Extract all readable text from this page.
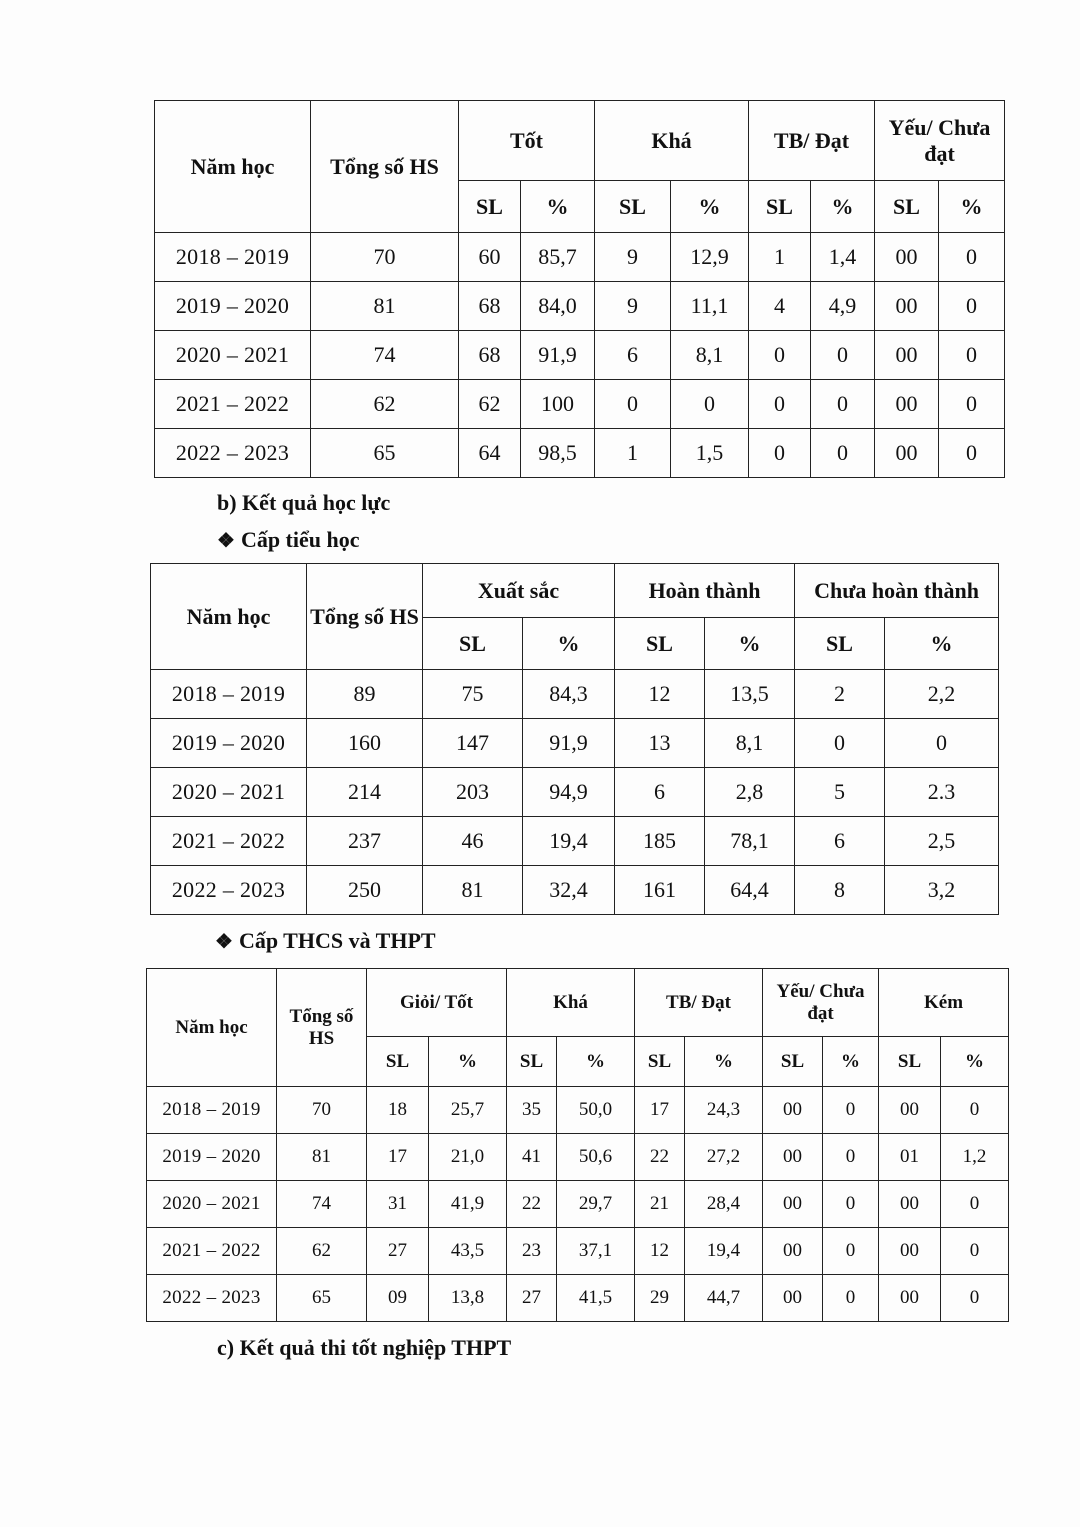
Năm học	Tổng số HS	Tốt		Khá		TB/ Đạt		Yếu/ Chưa đạt	
		SL	%	SL	%	SL	%	SL	%
2018 – 2019	70	60	85,7	9	12,9	1	1,4	00	0
2019 – 2020	81	68	84,0	9	11,1	4	4,9	00	0
2020 – 2021	74	68	91,9	6	8,1	0	0	00	0
2021 – 2022	62	62	100	0	0	0	0	00	0
2022 – 2023	65	64	98,5	1	1,5	0	0	00	0
b) Kết quả học lực
❖ Cấp tiểu học
Năm học	Tổng số HS	Xuất sắc		Hoàn thành		Chưa hoàn thành	
		SL	%	SL	%	SL	%
2018 – 2019	89	75	84,3	12	13,5	2	2,2
2019 – 2020	160	147	91,9	13	8,1	0	0
2020 – 2021	214	203	94,9	6	2,8	5	2.3
2021 – 2022	237	46	19,4	185	78,1	6	2,5
2022 – 2023	250	81	32,4	161	64,4	8	3,2
❖ Cấp THCS và THPT
Năm học	Tổng số HS	Giỏi/ Tốt		Khá		TB/ Đạt		Yếu/ Chưa đạt		Kém	
		SL	%	SL	%	SL	%	SL	%	SL	%
2018 – 2019	70	18	25,7	35	50,0	17	24,3	00	0	00	0
2019 – 2020	81	17	21,0	41	50,6	22	27,2	00	0	01	1,2
2020 – 2021	74	31	41,9	22	29,7	21	28,4	00	0	00	0
2021 – 2022	62	27	43,5	23	37,1	12	19,4	00	0	00	0
2022 – 2023	65	09	13,8	27	41,5	29	44,7	00	0	00	0
c) Kết quả thi tốt nghiệp THPT
